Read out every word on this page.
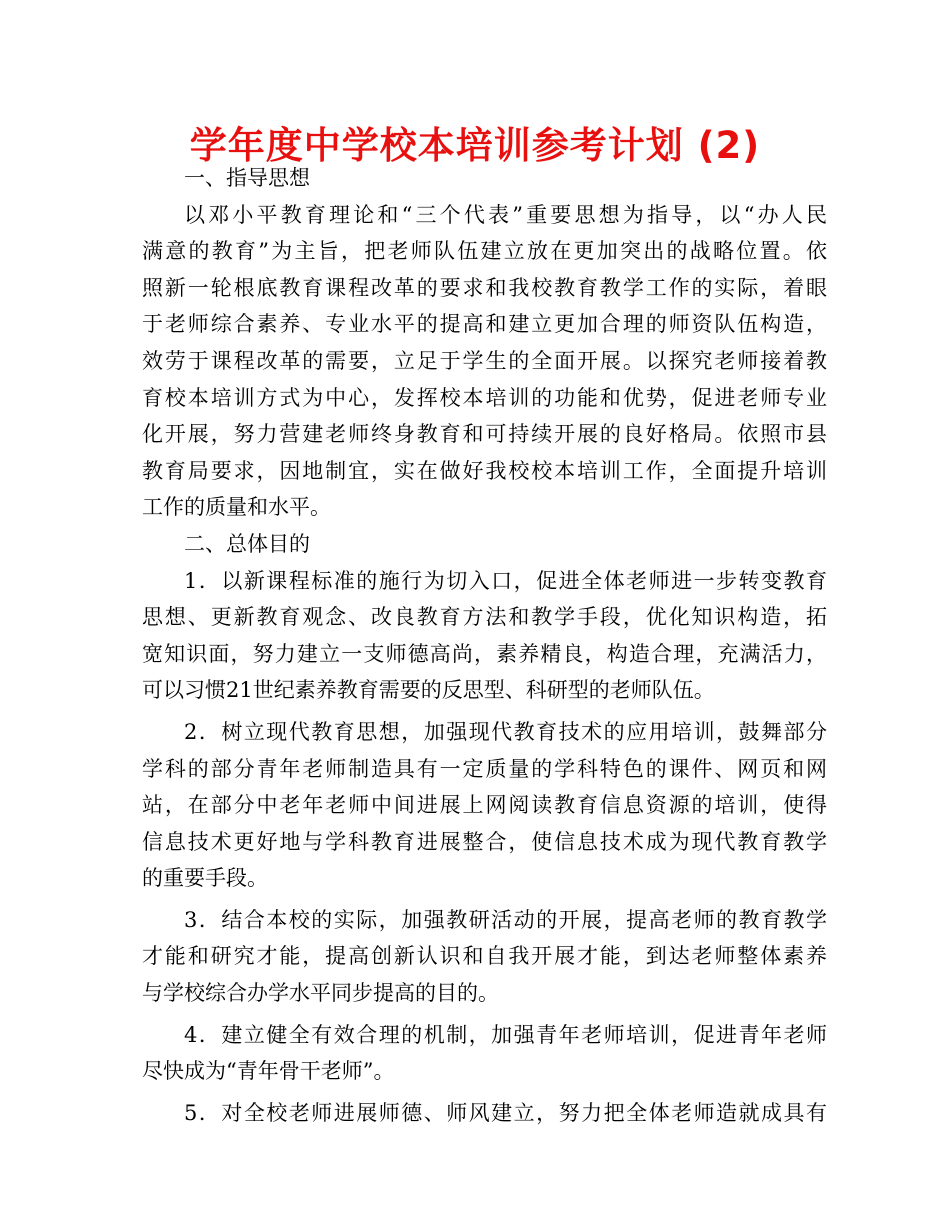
学年度中学校本培训参考计划 (2)
一、指导思想
以邓小平教育理论和“三个代表”重要思想为指导，以“办人民
满意的教育”为主旨，把老师队伍建立放在更加突出的战略位置。依
照新一轮根底教育课程改革的要求和我校教育教学工作的实际，着眼
于老师综合素养、专业水平的提高和建立更加合理的师资队伍构造，
效劳于课程改革的需要，立足于学生的全面开展。以探究老师接着教
育校本培训方式为中心，发挥校本培训的功能和优势，促进老师专业
化开展，努力营建老师终身教育和可持续开展的良好格局。依照市县
教育局要求，因地制宜，实在做好我校校本培训工作，全面提升培训
工作的质量和水平。
二、总体目的
1．以新课程标准的施行为切入口，促进全体老师进一步转变教育
思想、更新教育观念、改良教育方法和教学手段，优化知识构造，拓
宽知识面，努力建立一支师德高尚，素养精良，构造合理，充满活力，
可以习惯21世纪素养教育需要的反思型、科研型的老师队伍。
2．树立现代教育思想，加强现代教育技术的应用培训，鼓舞部分
学科的部分青年老师制造具有一定质量的学科特色的课件、网页和网
站，在部分中老年老师中间进展上网阅读教育信息资源的培训，使得
信息技术更好地与学科教育进展整合，使信息技术成为现代教育教学
的重要手段。
3．结合本校的实际，加强教研活动的开展，提高老师的教育教学
才能和研究才能，提高创新认识和自我开展才能，到达老师整体素养
与学校综合办学水平同步提高的目的。
4．建立健全有效合理的机制，加强青年老师培训，促进青年老师
尽快成为“青年骨干老师”。
5．对全校老师进展师德、师风建立，努力把全体老师造就成具有
